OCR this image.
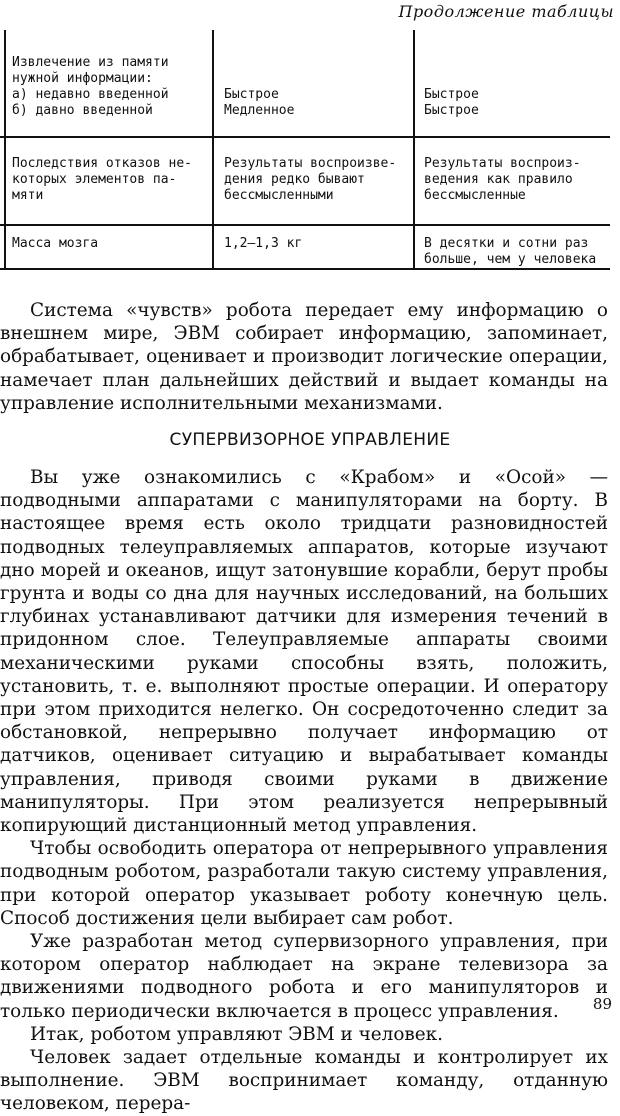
Продолжение таблицы
Извлечение из памяти
нужной информации:
а) недавно введенной
б) давно введенной
Быстрое
Медленное
Быстрое
Быстрое
Последствия отказов не-
которых элементов па-
мяти
Результаты воспроизве-
дения редко бывают
бессмысленными
Результаты воспроиз-
ведения как правило
бессмысленные
Масса мозга	1,2—1,3 кг	В десятки и сотни раз
больше, чем у человека

Система «чувств» робота передает ему информацию о внешнем мире, ЭВМ собирает информацию, запоминает, обрабатывает, оценивает и производит логические операции, намечает план дальнейших действий и выдает команды на управление исполнительными механизмами.

СУПЕРВИЗОРНОЕ УПРАВЛЕНИЕ

Вы уже ознакомились с «Крабом» и «Осой» — подводными аппаратами с манипуляторами на борту. В настоящее время есть около тридцати разновидностей подводных телеуправляемых аппаратов, которые изучают дно морей и океанов, ищут затонувшие корабли, берут пробы грунта и воды со дна для научных исследований, на больших глубинах устанавливают датчики для измерения течений в придонном слое. Телеуправляемые аппараты своими механическими руками способны взять, положить, установить, т. е. выполняют простые операции. И оператору при этом приходится нелегко. Он сосредоточенно следит за обстановкой, непрерывно получает информацию от датчиков, оценивает ситуацию и вырабатывает команды управления, приводя своими руками в движение манипуляторы. При этом реализуется непрерывный копирующий дистанционный метод управления.

Чтобы освободить оператора от непрерывного управления подводным роботом, разработали такую систему управления, при которой оператор указывает роботу конечную цель. Способ достижения цели выбирает сам робот.

Уже разработан метод супервизорного управления, при котором оператор наблюдает на экране телевизора за движениями подводного робота и его манипуляторов и только периодически включается в процесс управления.

Итак, роботом управляют ЭВМ и человек.

Человек задает отдельные команды и контролирует их выполнение. ЭВМ воспринимает команду, отданную человеком, перера-

89
